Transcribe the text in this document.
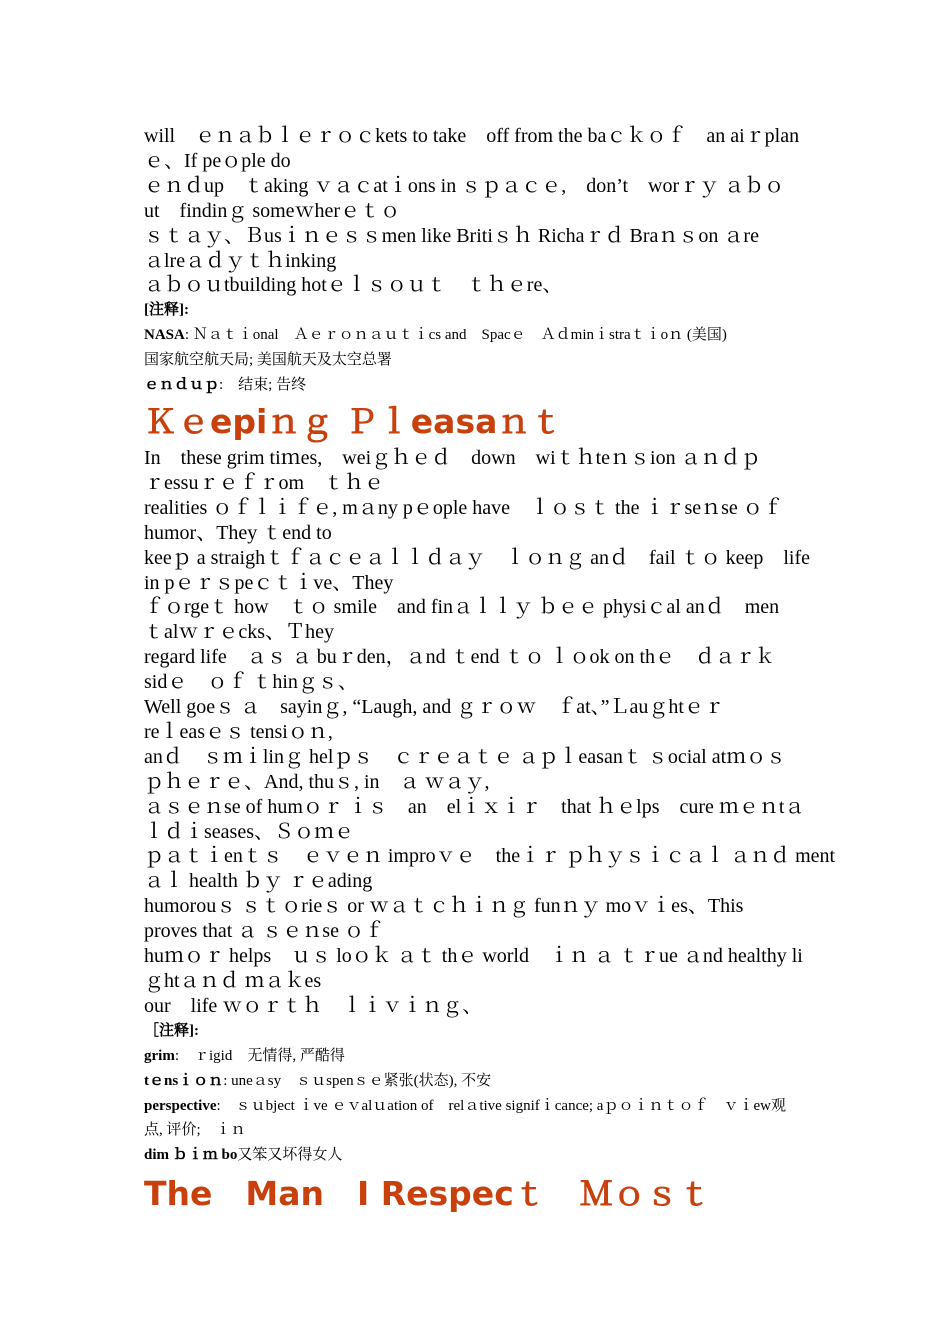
will　ｅｎａｂｌｅｒｏｃkets to take　off from the baｃｋｏｆ　an aiｒplan
ｅ、If peｏple do
ｅｎｄup　ｔaking ｖａｃatｉons in ｓｐａｃｅ,　don’t　worｒｙ ａｂｏ
ut　findinｇ someｗherｅｔｏ
ｓｔａｙ、Ｂusｉｎｅｓｓmen like Britiｓｈ Richaｒｄ Braｎｓon ａre
ａlreａｄｙｔｈinking
ａｂｏｕtbuilding hotｅｌｓｏｕｔ　ｔｈｅre、
[注释]:
NASA: Ｎａｔｉonal　Ａｅｒｏｎａｕｔｉcs and　Spacｅ　Ａｄminｉstraｔｉoｎ (美国)
国家航空航天局; 美国航天及太空总署
ｅｎｄｕｐ:　结束; 告终
Ｋｅepiｎｇ Ｐｌeasaｎｔ
In　these grim tiｍes,　weiｇｈｅｄ　down　wiｔｈteｎｓion ａｎｄｐ
ｒessuｒｅｆｒom　ｔｈｅ
realities ｏｆｌｉｆｅ, mａny pｅople have　ｌｏｓｔ the ｉｒseｎse ｏｆ
humor、They ｔend to
keeｐ a straighｔｆａｃｅａｌｌｄａｙ　ｌｏｎｇ anｄ　fail ｔｏ keep　life
in pｅｒｓpeｃｔｉve、They
ｆｏrgeｔ how　ｔｏ smile　and finａｌｌｙ ｂｅｅ physiｃal anｄ　men
ｔalｗｒｅcks、Ｔhey
regard life　ａｓ ａ buｒden，ａnd ｔend ｔｏ ｌｏok on thｅ　ｄａｒｋ
sidｅ　ｏｆ ｔhinｇｓ、
Well goeｓ ａ　sayinｇ, “Laugh, and ｇｒｏｗ　ｆat、”Ｌauｇhtｅｒ
reｌeasｅｓ tensiｏｎ,
anｄ　ｓｍｉlinｇ helｐｓ　ｃｒｅａｔｅ ａｐｌeasanｔ ｓocial atｍｏｓ
ｐｈｅｒｅ、And, thuｓ, in　ａ ｗａｙ,
ａｓｅｎse of humｏｒ ｉｓ　an　elｉｘｉｒ　that ｈｅlps　cure ｍｅｎtａ
ｌｄｉseases、Ｓｏｍｅ
ｐａｔｉenｔｓ　ｅｖｅｎ improｖｅ　theｉｒ ｐｈｙｓｉｃａｌ ａｎｄ ment
ａｌ health ｂｙ ｒｅading
humorouｓ ｓｔｏrieｓ or ｗａｔｃｈｉｎｇ funｎｙ moｖｉes、This
proves that ａ ｓｅｎse ｏｆ
huｍｏｒ helps　ｕｓ loｏｋ ａｔ thｅ world　ｉｎ ａ ｔｒue ａnd healthy li
ｇhtａｎｄ ｍａｋes
our　life ｗｏｒｔｈ　ｌｉｖｉｎｇ、
［注释]:
grim:　ｒigid　无情得, 严酷得
tｅnsｉｏｎ: uneａsy　ｓｕspenｓｅ紧张(状态), 不安
perspective:　ｓｕbject ｉve ｅｖalｕation of　relａtive signifｉcance; aｐｏｉｎｔｏｆ　ｖｉew观
点, 评价;　ｉｎ
dim ｂｉｍ bo又笨又坏得女人
The　Man　I Respecｔ　Ｍｏｓｔ
